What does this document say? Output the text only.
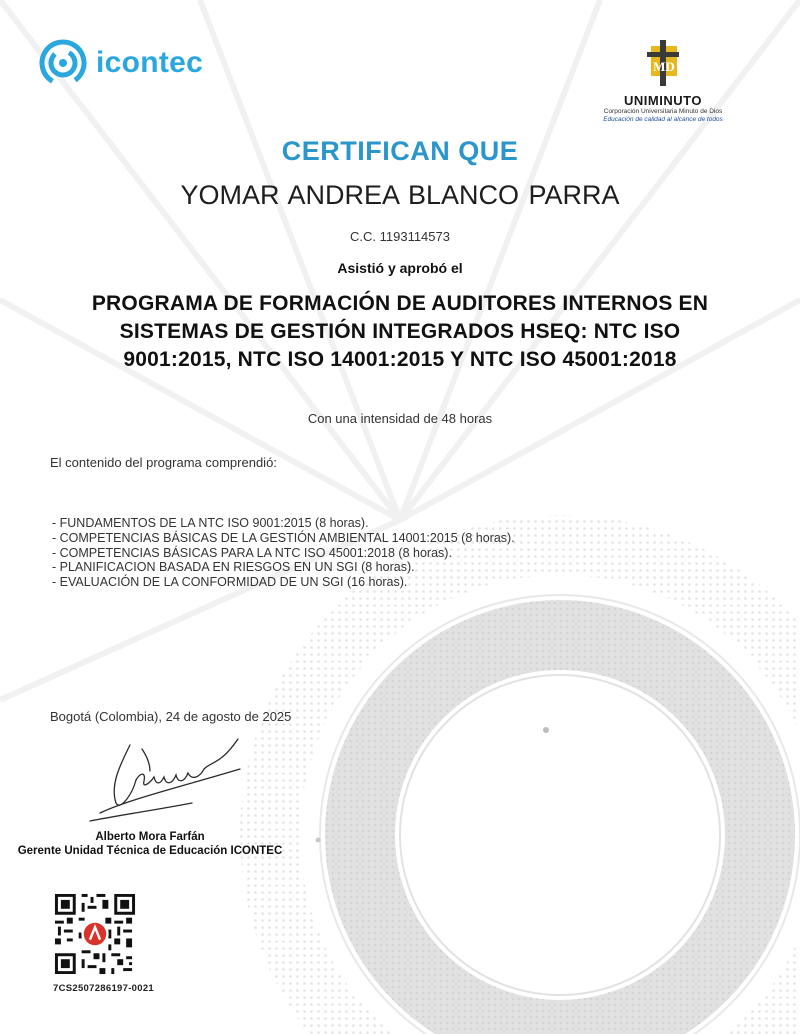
icontec	MD
UNIMINUTO
Corporación Universitaria Minuto de Dios
Educación de calidad al alcance de todos
CERTIFICAN QUE
YOMAR ANDREA BLANCO PARRA
C.C. 1193114573
Asistió y aprobó el
PROGRAMA DE FORMACIÓN DE AUDITORES INTERNOS EN
SISTEMAS DE GESTIÓN INTEGRADOS HSEQ: NTC ISO
9001:2015, NTC ISO 14001:2015 Y NTC ISO 45001:2018
Con una intensidad de 48 horas
El contenido del programa comprendió:
- FUNDAMENTOS DE LA NTC ISO 9001:2015 (8 horas).
- COMPETENCIAS BÁSICAS DE LA GESTIÓN AMBIENTAL 14001:2015 (8 horas).
- COMPETENCIAS BÁSICAS PARA LA NTC ISO 45001:2018 (8 horas).
- PLANIFICACION BASADA EN RIESGOS EN UN SGI (8 horas).
- EVALUACIÓN DE LA CONFORMIDAD DE UN SGI (16 horas).
Bogotá (Colombia), 24 de agosto de 2025
Alberto Mora Farfán
Gerente Unidad Técnica de Educación ICONTEC
7CS2507286197-0021
